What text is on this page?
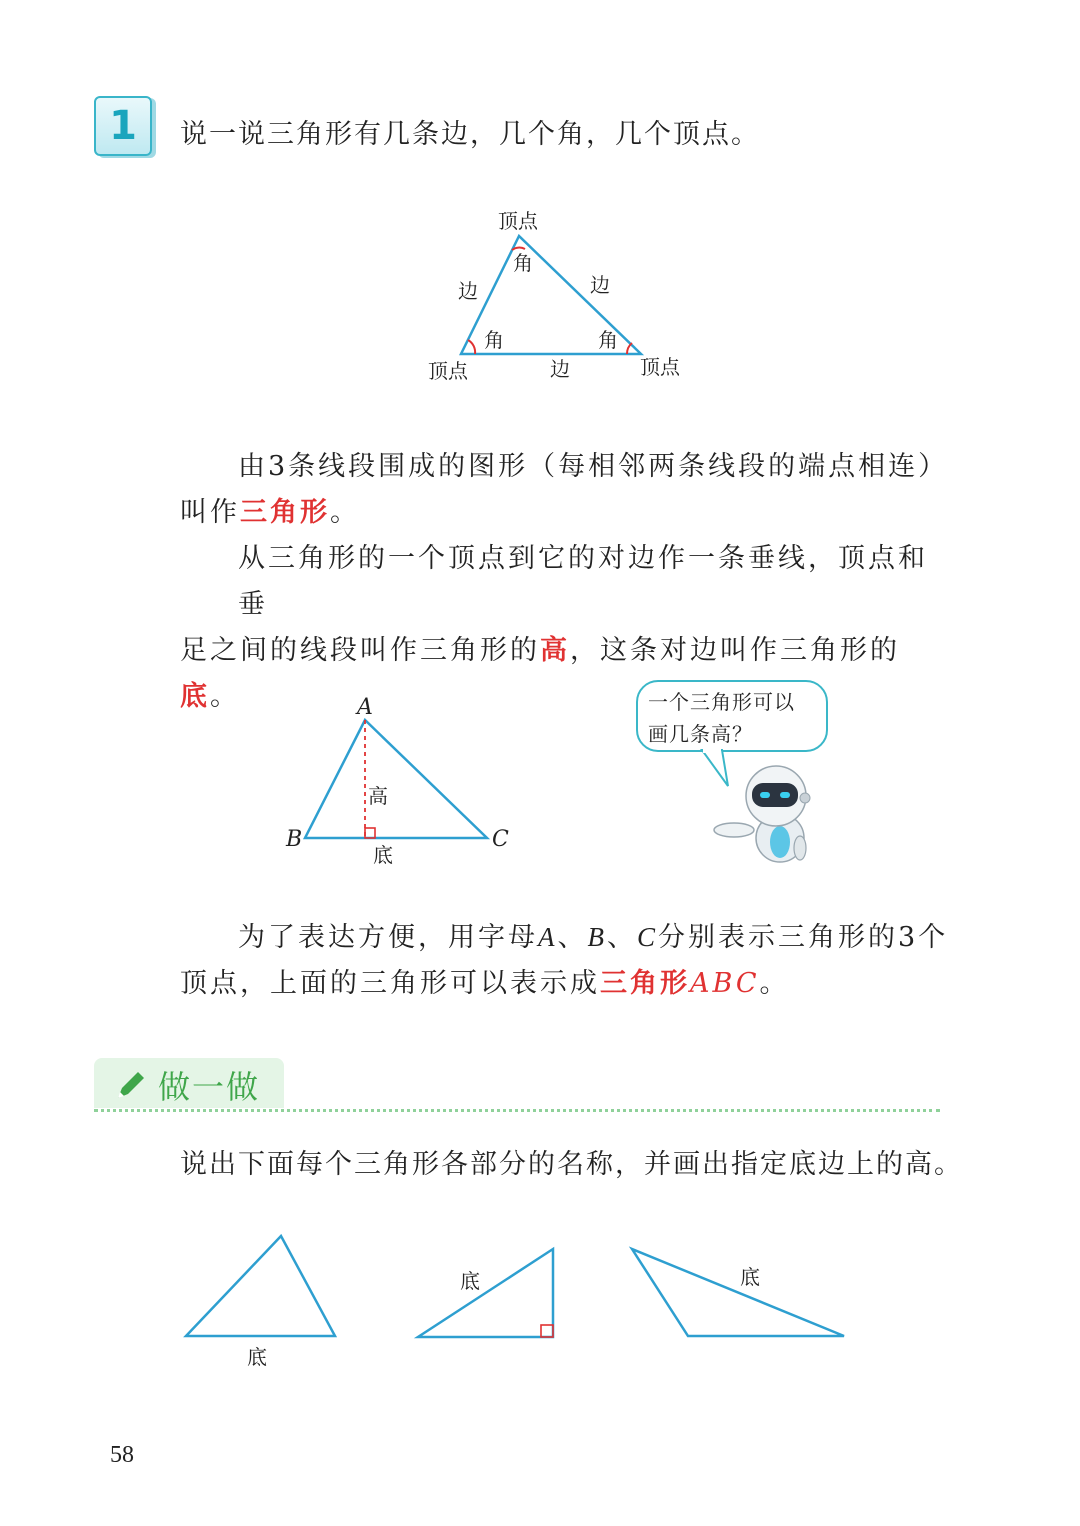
1	说一说三角形有几条边，几个角，几个顶点。
顶点
顶点	顶点
边	边
边
角
角	角
由3条线段围成的图形（每相邻两条线段的端点相连）
叫作三角形。
从三角形的一个顶点到它的对边作一条垂线，顶点和垂
足之间的线段叫作三角形的高，这条对边叫作三角形的底。	A
B	C
高
底
一个三角形可以
画几条高？
为了表达方便，用字母A、B、C分别表示三角形的3个
顶点，上面的三角形可以表示成三角形ABC。
做一做
说出下面每个三角形各部分的名称，并画出指定底边上的高。
底
底	底
58
